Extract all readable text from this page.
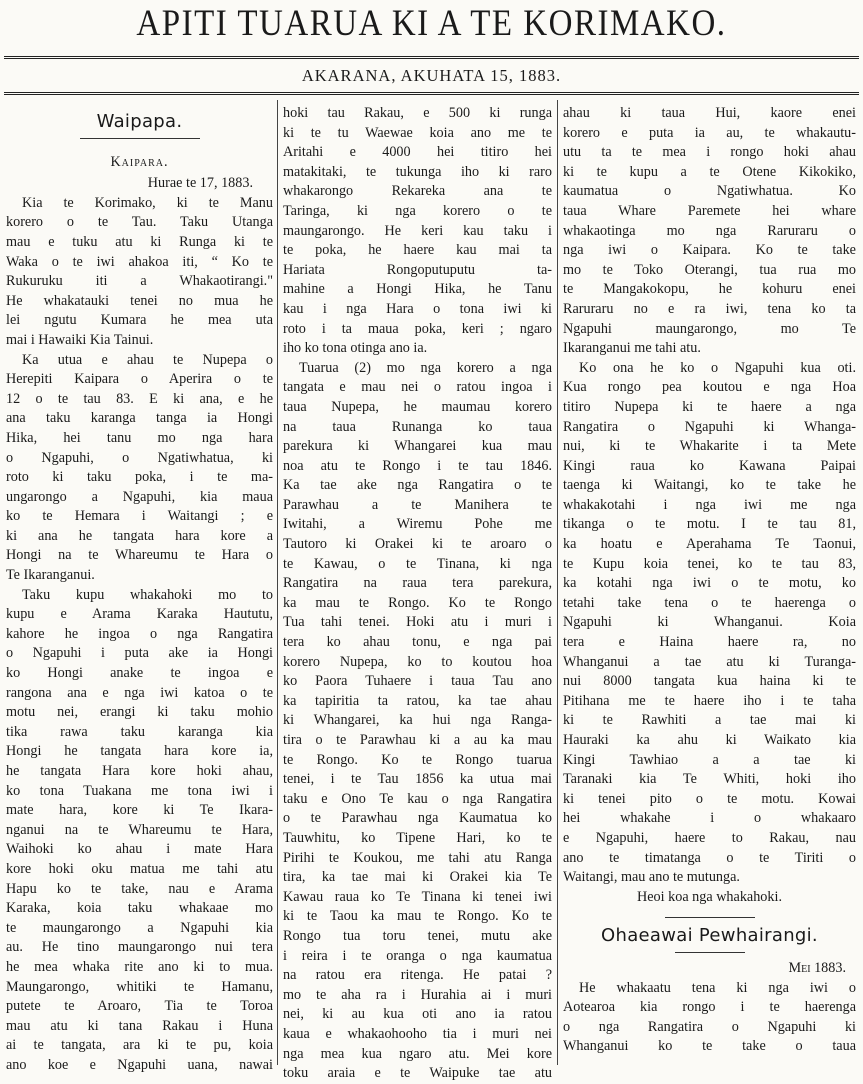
APITI TUARUA KI A TE KORIMAKO.
AKARANA, AKUHATA 15, 1883.
Waipapa.
Kaipara.
Hurae te 17, 1883.
Kia te Korimako, ki te Manu
korero o te Tau. Taku Utanga
mau e tuku atu ki Runga ki te
Waka o te iwi ahakoa iti, “ Ko te
Rukuruku iti a Whakaotirangi."
He whakatauki tenei no mua he
lei ngutu Kumara he mea uta
mai i Hawaiki Kia Tainui.
Ka utua e ahau te Nupepa o
Herepiti Kaipara o Aperira o te
12 o te tau 83. E ki ana, e he
ana taku karanga tanga ia Hongi
Hika, hei tanu mo nga hara
o Ngapuhi, o Ngatiwhatua, ki
roto ki taku poka, i te ma-
ungarongo a Ngapuhi, kia maua
ko te Hemara i Waitangi ; e
ki ana he tangata hara kore a
Hongi na te Whareumu te Hara o
Te Ikaranganui.
Taku kupu whakahoki mo to
kupu e Arama Karaka Haututu,
kahore he ingoa o nga Rangatira
o Ngapuhi i puta ake ia Hongi
ko Hongi anake te ingoa e
rangona ana e nga iwi katoa o te
motu nei, erangi ki taku mohio
tika rawa taku karanga kia
Hongi he tangata hara kore ia,
he tangata Hara kore hoki ahau,
ko tona Tuakana me tona iwi i
mate hara, kore ki Te Ikara-
nganui na te Whareumu te Hara,
Waihoki ko ahau i mate Hara
kore hoki oku matua me tahi atu
Hapu ko te take, nau e Arama
Karaka, koia taku whakaae mo
te maungarongo a Ngapuhi kia
au. He tino maungarongo nui tera
he mea whaka rite ano ki to mua.
Maungarongo, whitiki te Hamanu,
putete te Aroaro, Tia te Toroa
mau atu ki tana Rakau i Huna
ai te tangata, ara ki te pu, koia
ano koe e Ngapuhi uana, nawai
hoki tau Rakau, e 500 ki runga
ki te tu Waewae koia ano me te
Aritahi e 4000 hei titiro hei
matakitaki, te tukunga iho ki raro
whakarongo Rekareka ana te
Taringa, ki nga korero o te
maungarongo. He keri kau taku i
te poka, he haere kau mai ta
Hariata Rongoputuputu ta-
mahine a Hongi Hika, he Tanu
kau i nga Hara o tona iwi ki
roto i ta maua poka, keri ; ngaro
iho ko tona otinga ano ia.
Tuarua (2) mo nga korero a nga
tangata e mau nei o ratou ingoa i
taua Nupepa, he maumau korero
na taua Runanga ko taua
parekura ki Whangarei kua mau
noa atu te Rongo i te tau 1846.
Ka tae ake nga Rangatira o te
Parawhau a te Manihera te
Iwitahi, a Wiremu Pohe me
Tautoro ki Orakei ki te aroaro o
te Kawau, o te Tinana, ki nga
Rangatira na raua tera parekura,
ka mau te Rongo. Ko te Rongo
Tua tahi tenei. Hoki atu i muri i
tera ko ahau tonu, e nga pai
korero Nupepa, ko to koutou hoa
ko Paora Tuhaere i taua Tau ano
ka tapiritia ta ratou, ka tae ahau
ki Whangarei, ka hui nga Ranga-
tira o te Parawhau ki a au ka mau
te Rongo. Ko te Rongo tuarua
tenei, i te Tau 1856 ka utua mai
taku e Ono Te kau o nga Rangatira
o te Parawhau nga Kaumatua ko
Tauwhitu, ko Tipene Hari, ko te
Pirihi te Koukou, me tahi atu Ranga
tira, ka tae mai ki Orakei kia Te
Kawau raua ko Te Tinana ki tenei iwi
ki te Taou ka mau te Rongo. Ko te
Rongo tua toru tenei, mutu ake
i reira i te oranga o nga kaumatua
na ratou era ritenga. He patai ?
mo te aha ra i Hurahia ai i muri
nei, ki au kua oti ano ia ratou
kaua e whakaohooho tia i muri nei
nga mea kua ngaro atu. Mei kore
toku araia e te Waipuke tae atu
ahau ki taua Hui, kaore enei
korero e puta ia au, te whakautu-
utu ta te mea i rongo hoki ahau
ki te kupu a te Otene Kikokiko,
kaumatua o Ngatiwhatua. Ko
taua Whare Paremete hei whare
whakaotinga mo nga Raruraru o
nga iwi o Kaipara. Ko te take
mo te Toko Oterangi, tua rua mo
te Mangakokopu, he kohuru enei
Raruraru no e ra iwi, tena ko ta
Ngapuhi maungarongo, mo Te
Ikaranganui me tahi atu.
Ko ona he ko o Ngapuhi kua oti.
Kua rongo pea koutou e nga Hoa
titiro Nupepa ki te haere a nga
Rangatira o Ngapuhi ki Whanga-
nui, ki te Whakarite i ta Mete
Kingi raua ko Kawana Paipai
taenga ki Waitangi, ko te take he
whakakotahi i nga iwi me nga
tikanga o te motu. I te tau 81,
ka hoatu e Aperahama Te Taonui,
te Kupu koia tenei, ko te tau 83,
ka kotahi nga iwi o te motu, ko
tetahi take tena o te haerenga o
Ngapuhi ki Whanganui. Koia
tera e Haina haere ra, no
Whanganui a tae atu ki Turanga-
nui 8000 tangata kua haina ki te
Pitihana me te haere iho i te taha
ki te Rawhiti a tae mai ki
Hauraki ka ahu ki Waikato kia
Kingi Tawhiao a a tae ki
Taranaki kia Te Whiti, hoki iho
ki tenei pito o te motu. Kowai
hei whakahe i o whakaaro
e Ngapuhi, haere to Rakau, nau
ano te timatanga o te Tiriti o
Waitangi, mau ano te mutunga.
Heoi koa nga whakahoki.
Ohaeawai Pewhairangi.
Mei 1883.
He whakaatu tena ki nga iwi o
Aotearoa kia rongo i te haerenga
o nga Rangatira o Ngapuhi ki
Whanganui ko te take o taua
